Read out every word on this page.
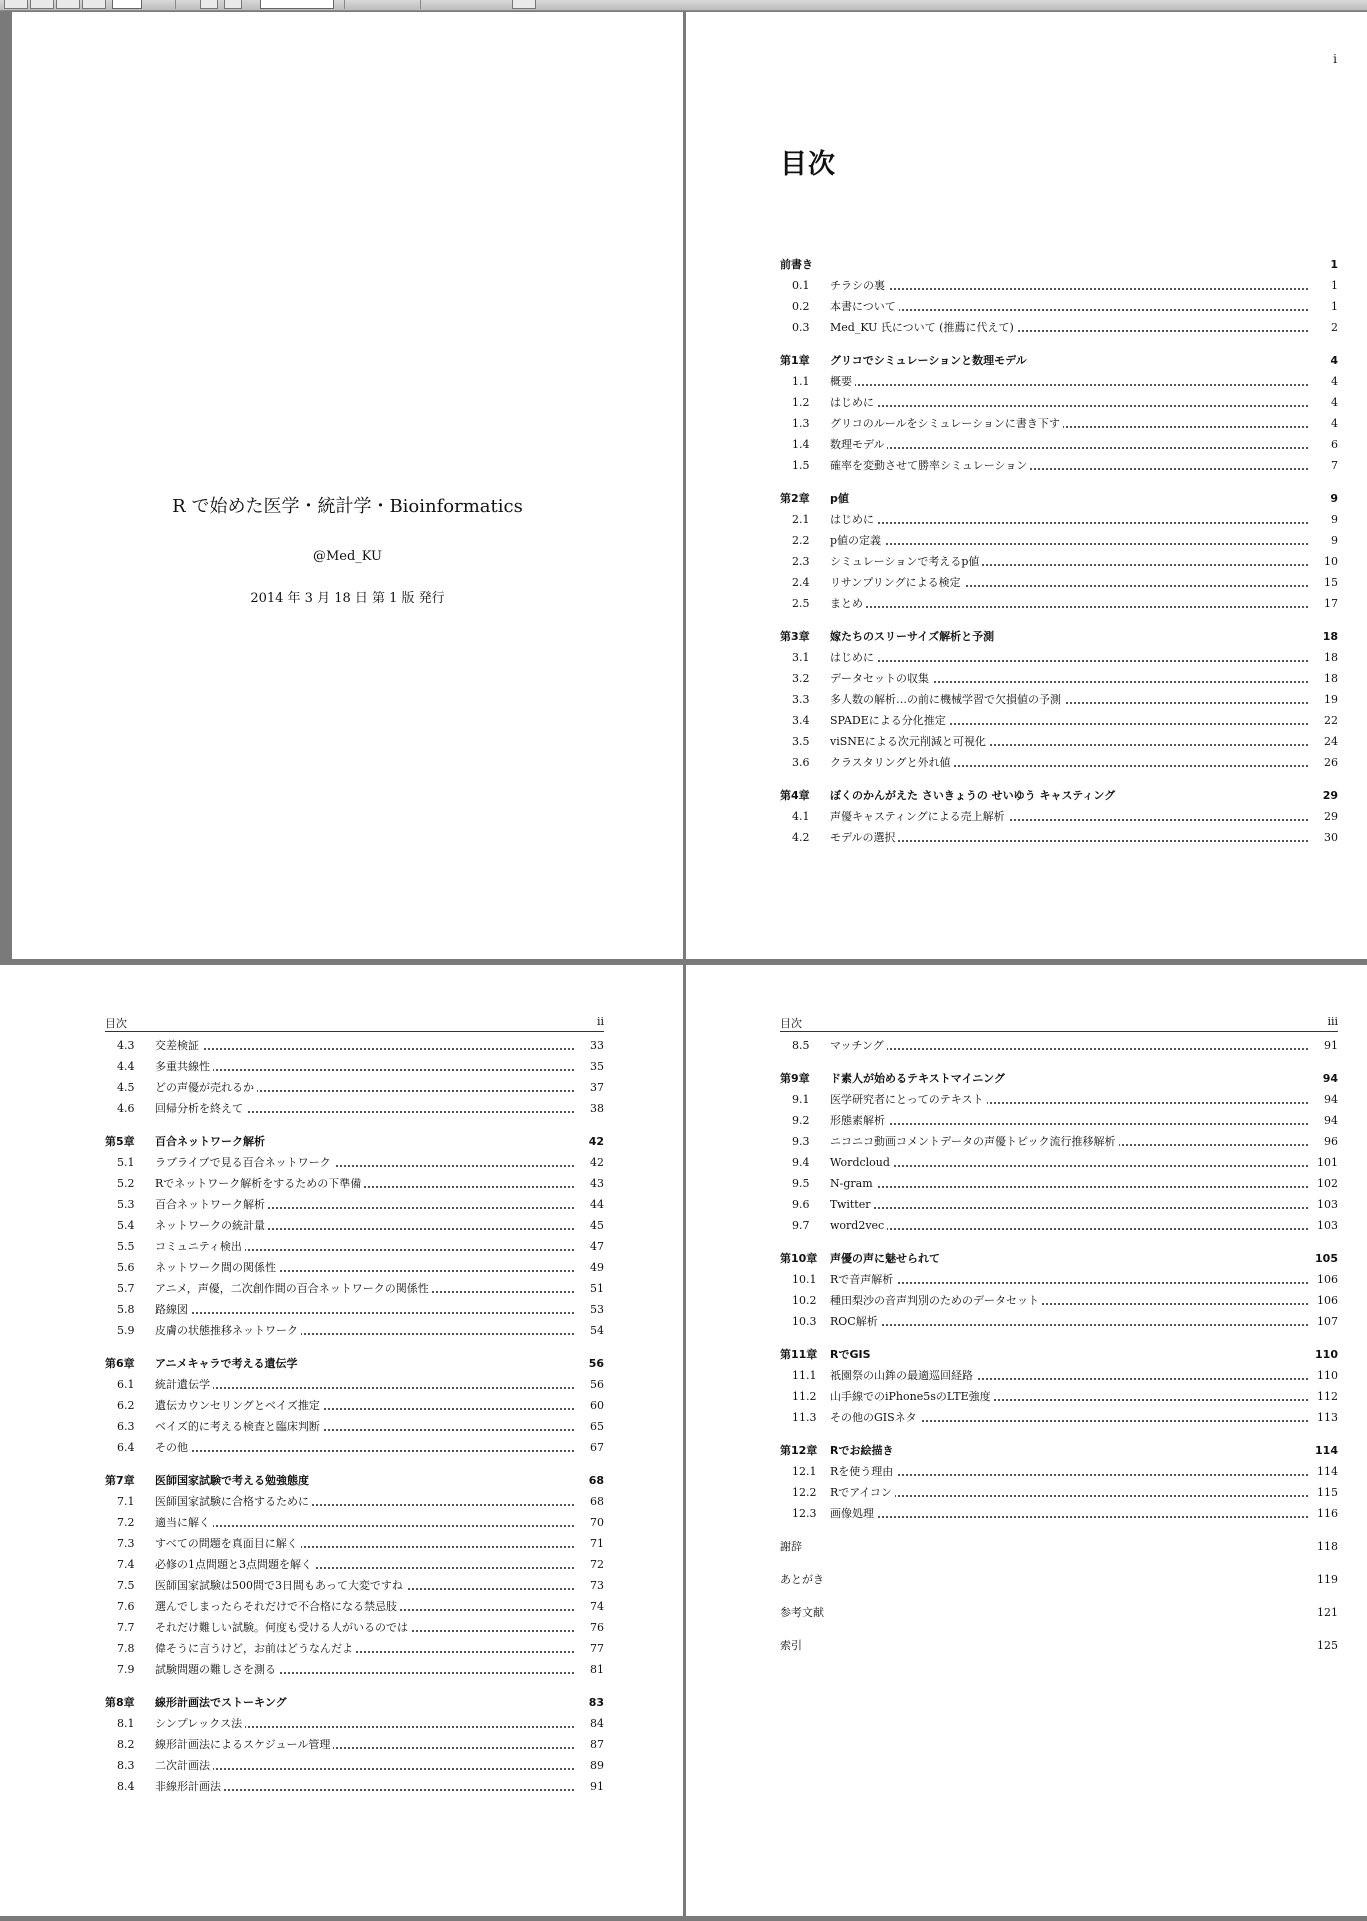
R で始めた医学・統計学・Bioinformatics
@Med_KU
2014 年 3 月 18 日 第 1 版 発行
i
目次
前書き	1
0.1 チラシの裏	1
0.2 本書について	1
0.3 Med_KU 氏について (推薦に代えて)	2
第1章 グリコでシミュレーションと数理モデル	4
1.1 概要	4
1.2 はじめに	4
1.3 グリコのルールをシミュレーションに書き下す	4
1.4 数理モデル	6
1.5 確率を変動させて勝率シミュレーション	7
第2章 p値	9
2.1 はじめに	9
2.2 p値の定義	9
2.3 シミュレーションで考えるp値	10
2.4 リサンプリングによる検定	15
2.5 まとめ	17
第3章 嫁たちのスリーサイズ解析と予測	18
3.1 はじめに	18
3.2 データセットの収集	18
3.3 多人数の解析…の前に機械学習で欠損値の予測	19
3.4 SPADEによる分化推定	22
3.5 viSNEによる次元削減と可視化	24
3.6 クラスタリングと外れ値	26
第4章 ぼくのかんがえた さいきょうの せいゆう キャスティング	29
4.1 声優キャスティングによる売上解析	29
4.2 モデルの選択	30
目次	ii
4.3 交差検証	33
4.4 多重共線性	35
4.5 どの声優が売れるか	37
4.6 回帰分析を終えて	38
第5章 百合ネットワーク解析	42
5.1 ラブライブで見る百合ネットワーク	42
5.2 Rでネットワーク解析をするための下準備	43
5.3 百合ネットワーク解析	44
5.4 ネットワークの統計量	45
5.5 コミュニティ検出	47
5.6 ネットワーク間の関係性	49
5.7 アニメ，声優，二次創作間の百合ネットワークの関係性	51
5.8 路線図	53
5.9 皮膚の状態推移ネットワーク	54
第6章 アニメキャラで考える遺伝学	56
6.1 統計遺伝学	56
6.2 遺伝カウンセリングとベイズ推定	60
6.3 ベイズ的に考える検査と臨床判断	65
6.4 その他	67
第7章 医師国家試験で考える勉強態度	68
7.1 医師国家試験に合格するために	68
7.2 適当に解く	70
7.3 すべての問題を真面目に解く	71
7.4 必修の1点問題と3点問題を解く	72
7.5 医師国家試験は500問で3日間もあって大変ですね	73
7.6 選んでしまったらそれだけで不合格になる禁忌肢	74
7.7 それだけ難しい試験。何度も受ける人がいるのでは	76
7.8 偉そうに言うけど，お前はどうなんだよ	77
7.9 試験問題の難しさを測る	81
第8章 線形計画法でストーキング	83
8.1 シンプレックス法	84
8.2 線形計画法によるスケジュール管理	87
8.3 二次計画法	89
8.4 非線形計画法	91
目次	iii
8.5 マッチング	91
第9章 ド素人が始めるテキストマイニング	94
9.1 医学研究者にとってのテキスト	94
9.2 形態素解析	94
9.3 ニコニコ動画コメントデータの声優トピック流行推移解析	96
9.4 Wordcloud	101
9.5 N-gram	102
9.6 Twitter	103
9.7 word2vec	103
第10章 声優の声に魅せられて	105
10.1 Rで音声解析	106
10.2 種田梨沙の音声判別のためのデータセット	106
10.3 ROC解析	107
第11章 RでGIS	110
11.1 祇園祭の山鉾の最適巡回経路	110
11.2 山手線でのiPhone5sのLTE強度	112
11.3 その他のGISネタ	113
第12章 Rでお絵描き	114
12.1 Rを使う理由	114
12.2 Rでアイコン	115
12.3 画像処理	116
謝辞	118
あとがき	119
参考文献	121
索引	125
